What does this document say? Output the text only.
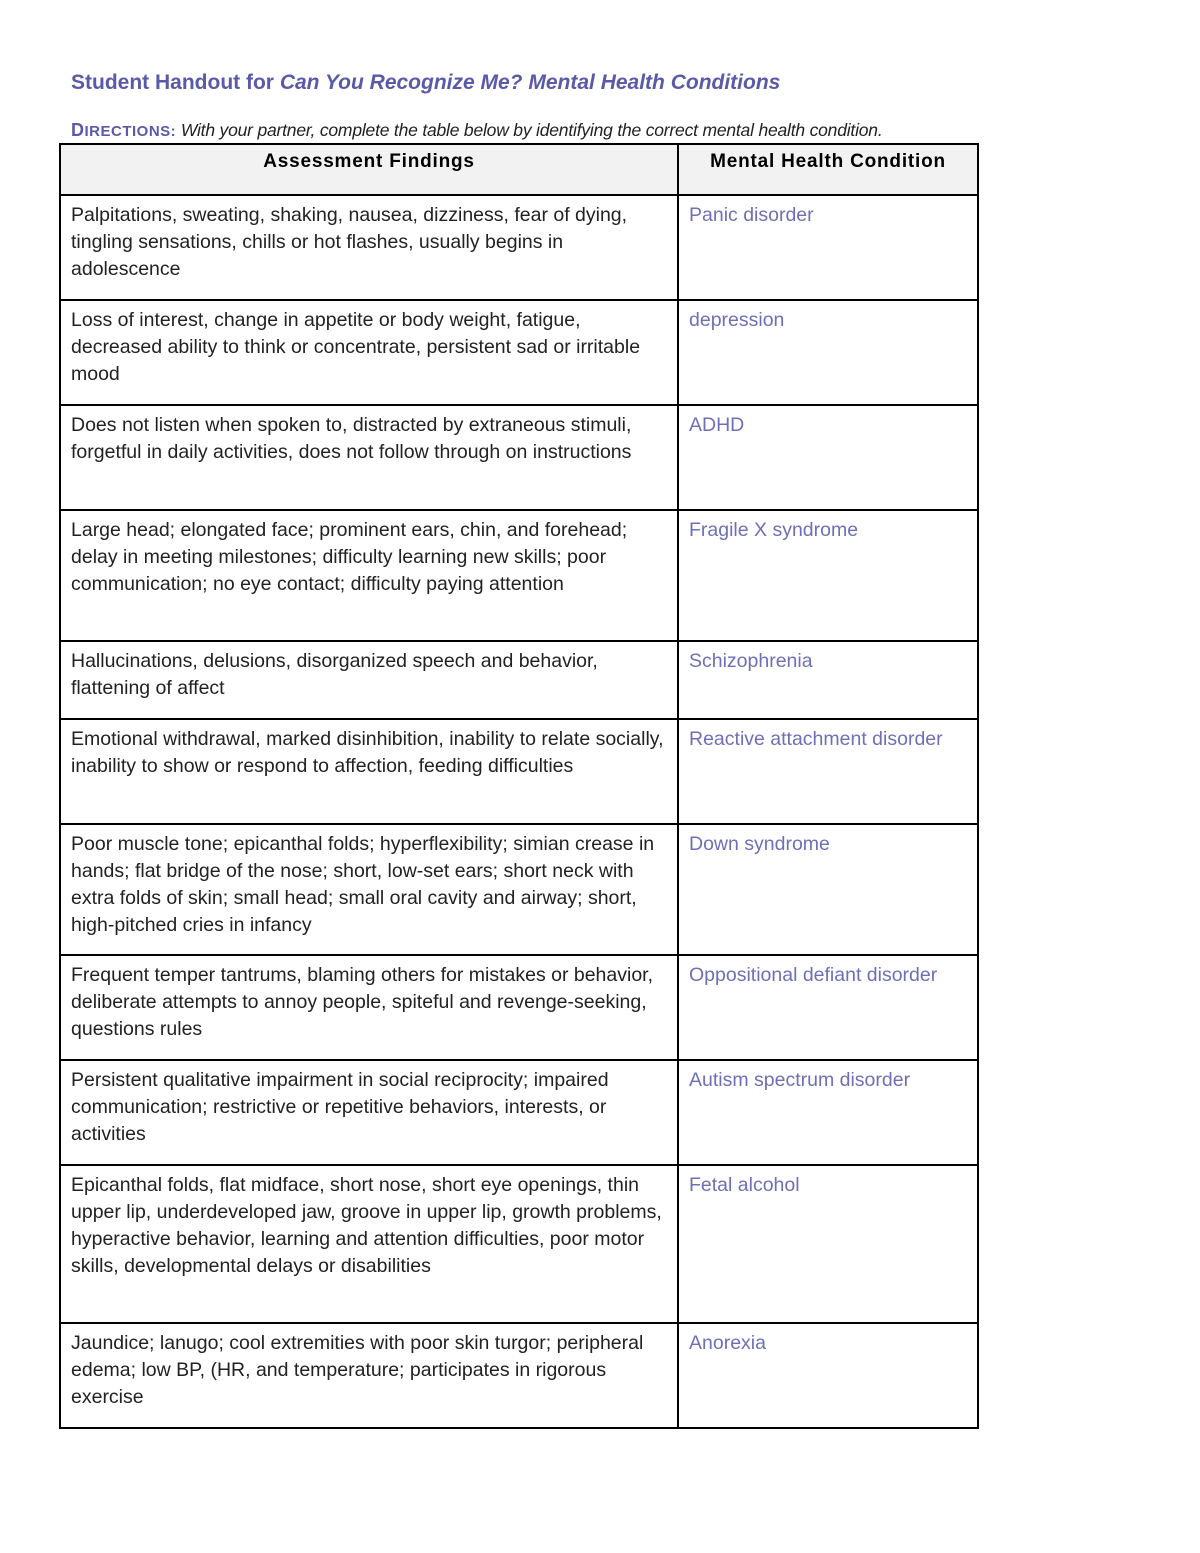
Student Handout for Can You Recognize Me? Mental Health Conditions
DIRECTIONS: With your partner, complete the table below by identifying the correct mental health condition.
Assessment Findings	Mental Health Condition

Palpitations, sweating, shaking, nausea, dizziness, fear of dying, tingling sensations, chills or hot flashes, usually begins in adolescence	Panic disorder

Loss of interest, change in appetite or body weight, fatigue, decreased ability to think or concentrate, persistent sad or irritable mood	depression

Does not listen when spoken to, distracted by extraneous stimuli, forgetful in daily activities, does not follow through on instructions	ADHD

Large head; elongated face; prominent ears, chin, and forehead; delay in meeting milestones; difficulty learning new skills; poor communication; no eye contact; difficulty paying attention	Fragile X syndrome

Hallucinations, delusions, disorganized speech and behavior, flattening of affect	Schizophrenia

Emotional withdrawal, marked disinhibition, inability to relate socially, inability to show or respond to affection, feeding difficulties	Reactive attachment disorder

Poor muscle tone; epicanthal folds; hyperflexibility; simian crease in hands; flat bridge of the nose; short, low-set ears; short neck with extra folds of skin; small head; small oral cavity and airway; short, high-pitched cries in infancy	Down syndrome

Frequent temper tantrums, blaming others for mistakes or behavior, deliberate attempts to annoy people, spiteful and revenge-seeking, questions rules	Oppositional defiant disorder

Persistent qualitative impairment in social reciprocity; impaired communication; restrictive or repetitive behaviors, interests, or activities	Autism spectrum disorder

Epicanthal folds, flat midface, short nose, short eye openings, thin upper lip, underdeveloped jaw, groove in upper lip, growth problems, hyperactive behavior, learning and attention difficulties, poor motor skills, developmental delays or disabilities	Fetal alcohol

Jaundice; lanugo; cool extremities with poor skin turgor; peripheral edema; low BP, (HR, and temperature; participates in rigorous exercise	Anorexia
